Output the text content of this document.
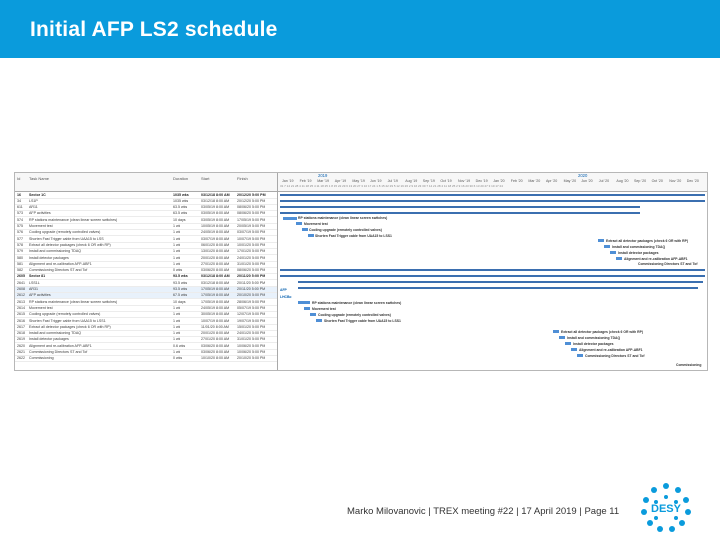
Initial AFP LS2 schedule
Id Task Name	Duration	Start	Finish
16 Sector 1C	1035 wks	03/12/18 8:00 AM 20/12/20 5:00 PM
34 LS1P	1035 wks	03/12/18 8:00 AM 20/12/20 5:00 PM
611 AR11	63.5 wks	03/05/19 8:00 AM 08/06/20 5:00 PM
573 AFP activities	63.5 wks	03/05/19 8:00 AM 08/06/20 5:00 PM
574 RP stations maintenance (clean linear screen switches)	10 days	03/05/19 8:00 AM 17/05/19 5:00 PM
575 Movement test	1 wk	10/05/19 8:00 AM 20/05/19 5:00 PM
576 Cooling upgrade (remotely controlled valves)	1 wk	24/05/19 8:00 AM 03/07/19 5:00 PM
577 Shorten Fast Trigger cable from UAA15 to LSS	1 wk	03/07/19 8:00 AM 10/07/19 5:00 PM
578 Extract all detector packages (check 6 OR with RP)	1 wk	06/01/20 8:00 AM 10/01/20 5:00 PM
579 Install and commissioning TDAQ	1 wk	13/01/20 8:00 AM 17/01/20 5:00 PM
580 Install detector packages	1 wk	20/01/20 8:00 AM 24/01/20 5:00 PM
581 Alignment and re-calibration AFP-ABF1	1 wk	27/01/20 8:00 AM 31/01/20 5:00 PM
582 Commissioning Directors ST and Tof	0 wks	03/06/20 8:00 AM 08/06/20 5:00 PM
2605 Sector 81	93.5 wks	03/12/18 8:00 AM 20/11/20 5:00 PM
2641 LSS1L	93.5 wks	03/12/18 8:00 AM 20/11/20 5:00 PM
2608 AR31	93.5 wks	17/05/19 8:00 AM 20/11/20 5:00 PM
2612 AFP activities	67.5 wks	17/05/19 8:00 AM 20/10/20 5:00 PM
2613 RP stations maintenance (clean linear screen switches)	10 days	17/05/19 8:00 AM 28/06/19 5:00 PM
2614 Movement test	1 wk	24/05/19 8:00 AM 05/07/19 5:00 PM
2615 Cooling upgrade (remotely controlled valves)	1 wk	30/05/19 8:00 AM 12/07/19 5:00 PM
2616 Shorten Fast Trigger cable from UAA15 to LSS1	1 wk	10/07/19 8:00 AM 19/07/19 5:00 PM
2617 Extract all detector packages (check 6 OR with RP)	1 wk	11/01/20 8:00 AM 15/01/20 5:00 PM
2618 Install and commissioning TDAQ	1 wk	20/01/20 8:00 AM 24/01/20 5:00 PM
2619 Install detector packages	1 wk	27/01/20 8:00 AM 31/01/20 5:00 PM
2620 Alignment and re-calibration AFP-ABF1	0.6 wks	03/06/20 8:00 AM 10/06/20 5:00 PM
2621 Commissioning Directors ST and Tof	1 wk	03/06/20 8:00 AM 10/06/20 5:00 PM
2622 Commissioning	0 wks	10/10/20 8:00 AM 20/10/20 5:00 PM
2019	2020
Jan '19 Feb '19 Mar '19 Apr '19 May '19 Jun '19 Jul '19 Aug '19 Sep '19 Oct '19 Nov '19 Dec '19 Jan '20 Feb '20 Mar '20 Apr '20 May '20 Jun '20 Jul '20 Aug '20 Sep '20 Oct '20 Nov '20 Dec '20
31 7 14 21 28 4 11 18 25 4 11 18 25 1 8 15 22 29 6 13 20 27 3 10 17 24 1 8 15 22 29 5 12 19 26 2 9 16 23 30 7 14 21 28 4 11 18 25 2 9 16 23 30 6 13 20 27 3 10 17 24
RP stations maintenance (clean linear screen switches)
Movement test
Cooling upgrade (remotely controlled valves)
Shorten Fast Trigger cable from UAA15 to LSS1
Extract all detector packages (check 6 OR with RP)
Install and commissioning TDAQ
Install detector packages
Alignment and re-calibration AFP-ABF1
Commissioning Directors ST and Tof
AFP
LHCBo
RP stations maintenance (clean linear screen switches)
Movement test
Cooling upgrade (remotely controlled valves)
Shorten Fast Trigger cable from UAA15 to LSS1
Extract all detector packages (check 6 OR with RP)
Install and commissioning TDAQ
Install detector packages
Alignment and re-calibration AFP-ABF1
Commissioning Directors ST and Tof
Commissioning
Marko Milovanovic | TREX meeting #22 | 17 April 2019 | Page 11	DESY
